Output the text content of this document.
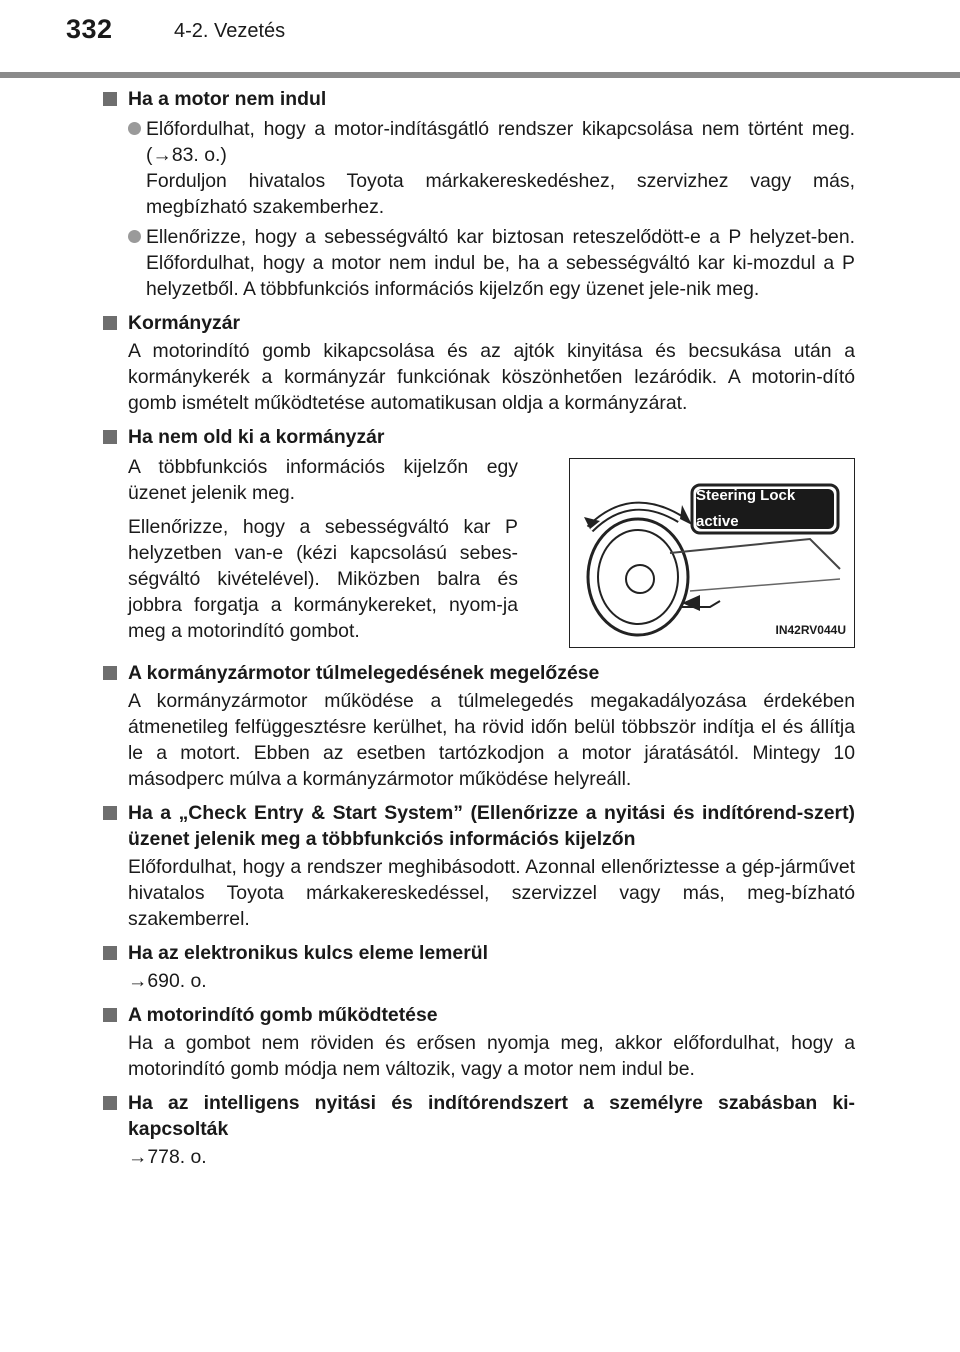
332	4-2. Vezetés
Ha a motor nem indul
Előfordulhat, hogy a motor-indításgátló rendszer kikapcsolása nem történt meg. (→83. o.)
Forduljon hivatalos Toyota márkakereskedéshez, szervizhez vagy más, megbízható szakemberhez.
Ellenőrizze, hogy a sebességváltó kar biztosan reteszelődött-e a P helyzet-ben. Előfordulhat, hogy a motor nem indul be, ha a sebességváltó kar ki-mozdul a P helyzetből. A többfunkciós információs kijelzőn egy üzenet jele-nik meg.
Kormányzár
A motorindító gomb kikapcsolása és az ajtók kinyitása és becsukása után a kormánykerék a kormányzár funkciónak köszönhetően lezáródik. A motorin-dító gomb ismételt működtetése automatikusan oldja a kormányzárat.
Ha nem old ki a kormányzár

A többfunkciós információs kijelzőn egy üzenet jelenik meg.

Ellenőrizze, hogy a sebességváltó kar P helyzetben van-e (kézi kapcsolású sebes-ségváltó kivételével). Miközben balra és jobbra forgatja a kormánykereket, nyom-ja meg a motorindító gombot.

Steering Lock active
IN42RV044U
A kormányzármotor túlmelegedésének megelőzése
A kormányzármotor működése a túlmelegedés megakadályozása érdekében átmenetileg felfüggesztésre kerülhet, ha rövid időn belül többször indítja el és állítja le a motort. Ebben az esetben tartózkodjon a motor járatásától. Mintegy 10 másodperc múlva a kormányzármotor működése helyreáll.
Ha a „Check Entry & Start System” (Ellenőrizze a nyitási és indítórend-szert) üzenet jelenik meg a többfunkciós információs kijelzőn
Előfordulhat, hogy a rendszer meghibásodott. Azonnal ellenőriztesse a gép-járművet hivatalos Toyota márkakereskedéssel, szervizzel vagy más, meg-bízható szakemberrel.
Ha az elektronikus kulcs eleme lemerül
→690. o.
A motorindító gomb működtetése
Ha a gombot nem röviden és erősen nyomja meg, akkor előfordulhat, hogy a motorindító gomb módja nem változik, vagy a motor nem indul be.
Ha az intelligens nyitási és indítórendszert a személyre szabásban ki-kapcsolták
→778. o.
